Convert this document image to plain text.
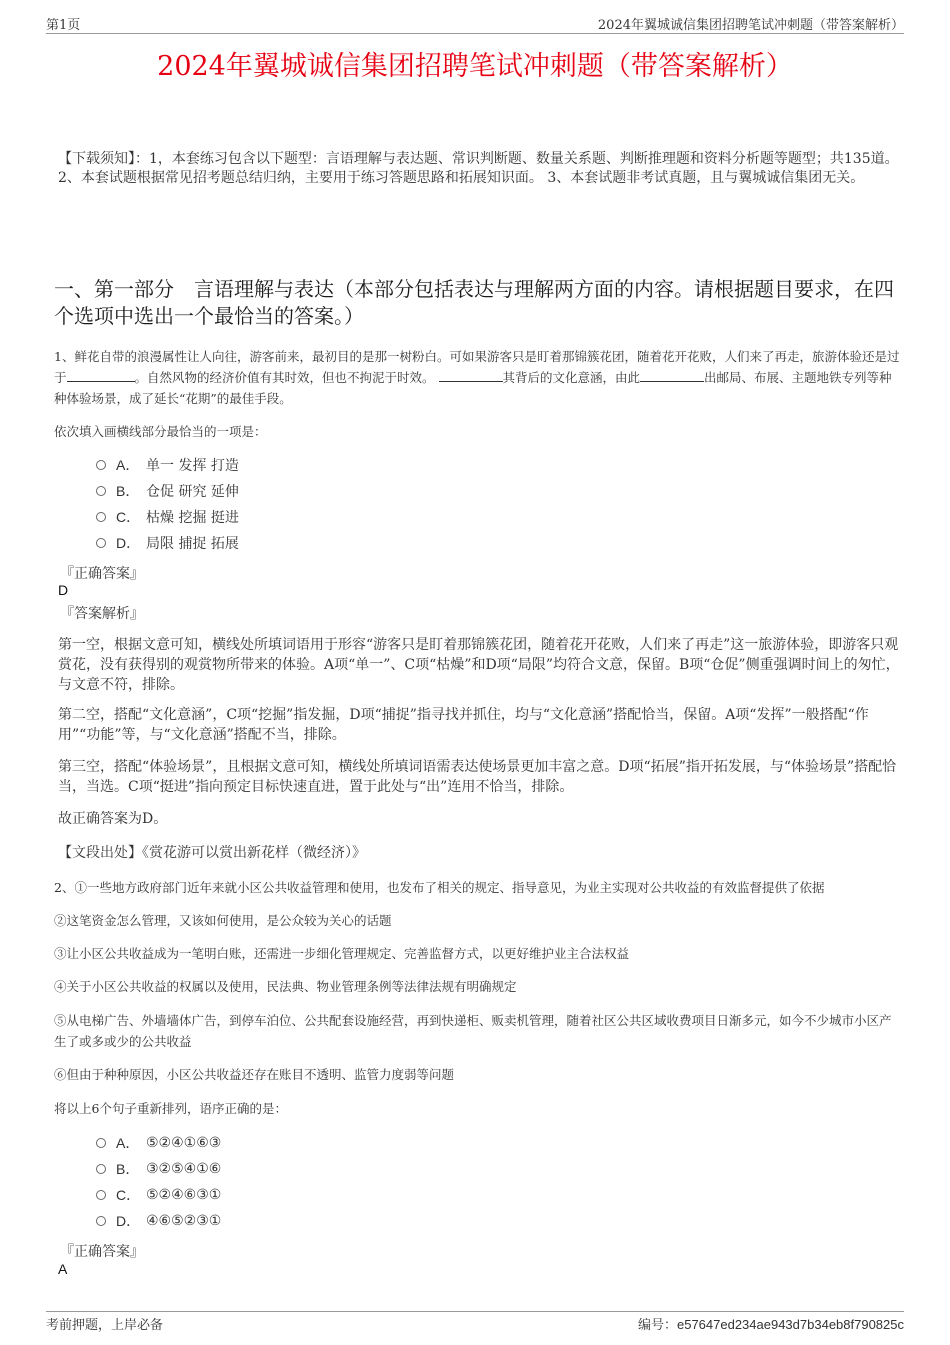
第1页	2024年翼城诚信集团招聘笔试冲刺题（带答案解析）
2024年翼城诚信集团招聘笔试冲刺题（带答案解析）
【下载须知】：1，本套练习包含以下题型：言语理解与表达题、常识判断题、数量关系题、判断推理题和资料分析题等题型；共135道。 2、本套试题根据常见招考题总结归纳，主要用于练习答题思路和拓展知识面。 3、本套试题非考试真题，且与翼城诚信集团无关。
一、第一部分　言语理解与表达（本部分包括表达与理解两方面的内容。请根据题目要求，在四个选项中选出一个最恰当的答案。）
1、鲜花自带的浪漫属性让人向往，游客前来，最初目的是那一树粉白。可如果游客只是盯着那锦簇花团，随着花开花败，人们来了再走，旅游体验还是过于	。自然风物的经济价值有其时效，但也不拘泥于时效。	其背后的文化意涵，由此	出邮局、布展、主题地铁专列等种种体验场景，成了延长“花期”的最佳手段。
依次填入画横线部分最恰当的一项是：
A． 单一 发挥 打造
B． 仓促 研究 延伸
C． 枯燥 挖掘 挺进
D． 局限 捕捉 拓展
『正确答案』
D
『答案解析』
第一空，根据文意可知，横线处所填词语用于形容“游客只是盯着那锦簇花团，随着花开花败，人们来了再走”这一旅游体验，即游客只观赏花，没有获得别的观赏物所带来的体验。A项“单一”、C项“枯燥”和D项“局限”均符合文意，保留。B项“仓促”侧重强调时间上的匆忙，与文意不符，排除。
第二空，搭配“文化意涵”，C项“挖掘”指发掘，D项“捕捉”指寻找并抓住，均与“文化意涵”搭配恰当，保留。A项“发挥”一般搭配“作用”“功能”等，与“文化意涵”搭配不当，排除。
第三空，搭配“体验场景”，且根据文意可知，横线处所填词语需表达使场景更加丰富之意。D项“拓展”指开拓发展，与“体验场景”搭配恰当，当选。C项“挺进”指向预定目标快速直进，置于此处与“出”连用不恰当，排除。
故正确答案为D。
【文段出处】《赏花游可以赏出新花样（微经济）》
2、①一些地方政府部门近年来就小区公共收益管理和使用，也发布了相关的规定、指导意见，为业主实现对公共收益的有效监督提供了依据
②这笔资金怎么管理，又该如何使用，是公众较为关心的话题
③让小区公共收益成为一笔明白账，还需进一步细化管理规定、完善监督方式，以更好维护业主合法权益
④关于小区公共收益的权属以及使用，民法典、物业管理条例等法律法规有明确规定
⑤从电梯广告、外墙墙体广告，到停车泊位、公共配套设施经营，再到快递柜、贩卖机管理，随着社区公共区域收费项目日渐多元，如今不少城市小区产生了或多或少的公共收益
⑥但由于种种原因，小区公共收益还存在账目不透明、监管力度弱等问题
将以上6个句子重新排列，语序正确的是：
A． ⑤②④①⑥③
B． ③②⑤④①⑥
C． ⑤②④⑥③①
D． ④⑥⑤②③①
『正确答案』
A
考前押题，上岸必备	编号：e57647ed234ae943d7b34eb8f790825c
